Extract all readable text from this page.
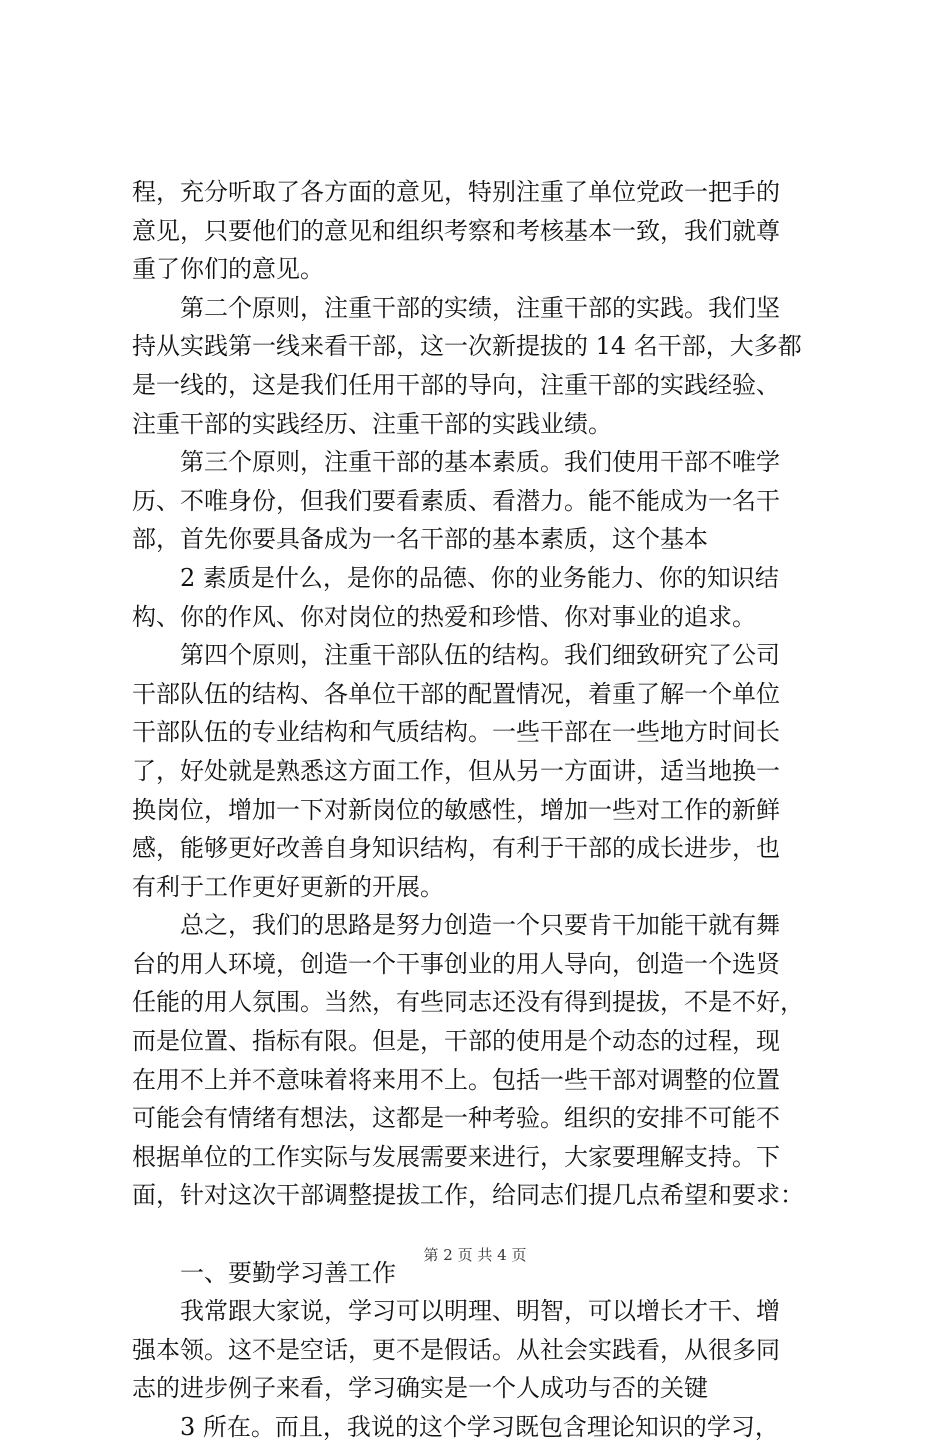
程，充分听取了各方面的意见，特别注重了单位党政一把手的
意见，只要他们的意见和组织考察和考核基本一致，我们就尊
重了你们的意见。
　　第二个原则，注重干部的实绩，注重干部的实践。我们坚
持从实践第一线来看干部，这一次新提拔的 14 名干部，大多都
是一线的，这是我们任用干部的导向，注重干部的实践经验、
注重干部的实践经历、注重干部的实践业绩。
　　第三个原则，注重干部的基本素质。我们使用干部不唯学
历、不唯身份，但我们要看素质、看潜力。能不能成为一名干
部，首先你要具备成为一名干部的基本素质，这个基本
　　2 素质是什么，是你的品德、你的业务能力、你的知识结
构、你的作风、你对岗位的热爱和珍惜、你对事业的追求。
　　第四个原则，注重干部队伍的结构。我们细致研究了公司
干部队伍的结构、各单位干部的配置情况，着重了解一个单位
干部队伍的专业结构和气质结构。一些干部在一些地方时间长
了，好处就是熟悉这方面工作，但从另一方面讲，适当地换一
换岗位，增加一下对新岗位的敏感性，增加一些对工作的新鲜
感，能够更好改善自身知识结构，有利于干部的成长进步，也
有利于工作更好更新的开展。
　　总之，我们的思路是努力创造一个只要肯干加能干就有舞
台的用人环境，创造一个干事创业的用人导向，创造一个选贤
任能的用人氛围。当然，有些同志还没有得到提拔，不是不好，
而是位置、指标有限。但是，干部的使用是个动态的过程，现
在用不上并不意味着将来用不上。包括一些干部对调整的位置
可能会有情绪有想法，这都是一种考验。组织的安排不可能不
根据单位的工作实际与发展需要来进行，大家要理解支持。下
面，针对这次干部调整提拔工作，给同志们提几点希望和要求：
　　一、要勤学习善工作
　　我常跟大家说，学习可以明理、明智，可以增长才干、增
强本领。这不是空话，更不是假话。从社会实践看，从很多同
志的进步例子来看，学习确实是一个人成功与否的关键
　　3 所在。而且，我说的这个学习既包含理论知识的学习，
第 2 页 共 4 页
